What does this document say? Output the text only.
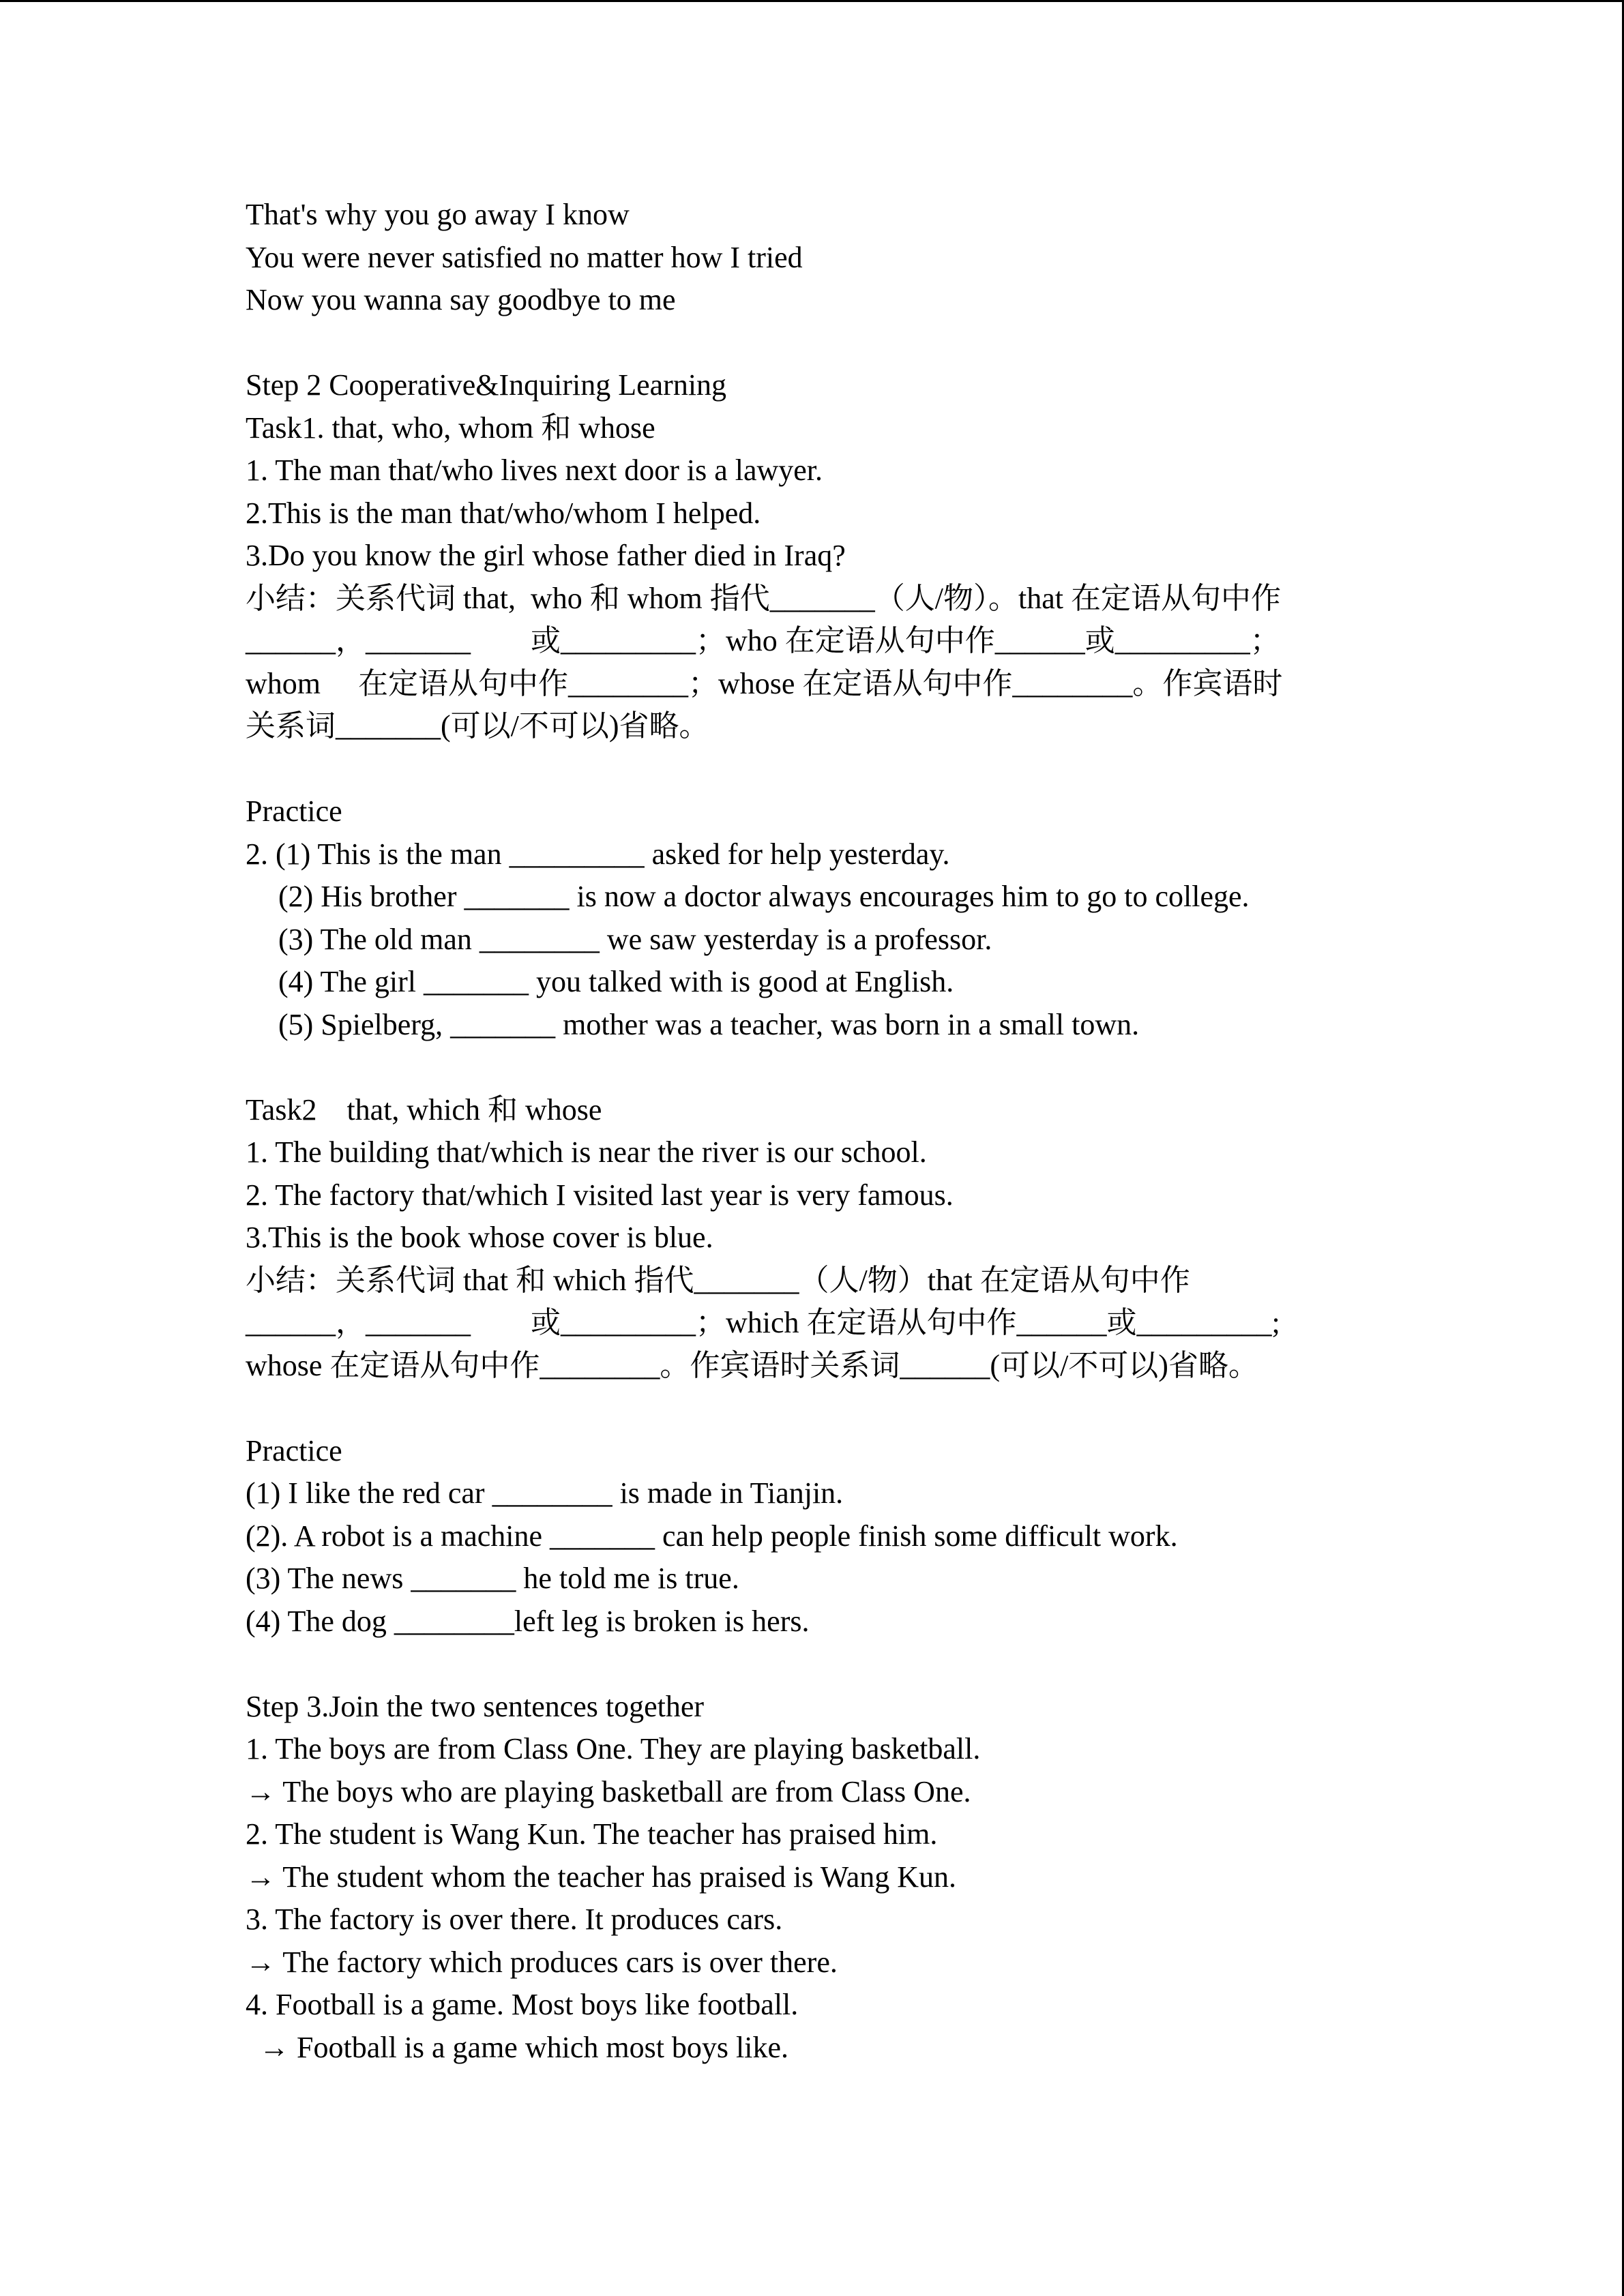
That's why you go away I know
You were never satisfied no matter how I tried
Now you wanna say goodbye to me
Step 2 Cooperative&Inquiring Learning
Task1. that, who, whom 和 whose
1. The man that/who lives next door is a lawyer.
2.This is the man that/who/whom I helped.
3.Do you know the girl whose father died in Iraq?
小结：关系代词 that,  who 和 whom 指代_______（人/物）。that 在定语从句中作
______，_______        或_________；who 在定语从句中作______或_________；
whom     在定语从句中作________；whose 在定语从句中作________。作宾语时
关系词_______(可以/不可以)省略。
Practice
2. (1) This is the man _________ asked for help yesterday.
(2) His brother _______ is now a doctor always encourages him to go to college.
(3) The old man ________ we saw yesterday is a professor.
(4) The girl _______ you talked with is good at English.
(5) Spielberg, _______ mother was a teacher, was born in a small town.
Task2    that, which 和 whose
1. The building that/which is near the river is our school.
2. The factory that/which I visited last year is very famous.
3.This is the book whose cover is blue.
小结：关系代词 that 和 which 指代_______（人/物）that 在定语从句中作
______，_______        或_________；which 在定语从句中作______或_________;
whose 在定语从句中作________。作宾语时关系词______(可以/不可以)省略。
Practice
(1) I like the red car ________ is made in Tianjin.
(2). A robot is a machine _______ can help people finish some difficult work.
(3) The news _______ he told me is true.
(4) The dog ________left leg is broken is hers.
Step 3.Join the two sentences together
1. The boys are from Class One. They are playing basketball.
→ The boys who are playing basketball are from Class One.
2. The student is Wang Kun. The teacher has praised him.
→ The student whom the teacher has praised is Wang Kun.
3. The factory is over there. It produces cars.
→ The factory which produces cars is over there.
4. Football is a game. Most boys like football.
→ Football is a game which most boys like.
